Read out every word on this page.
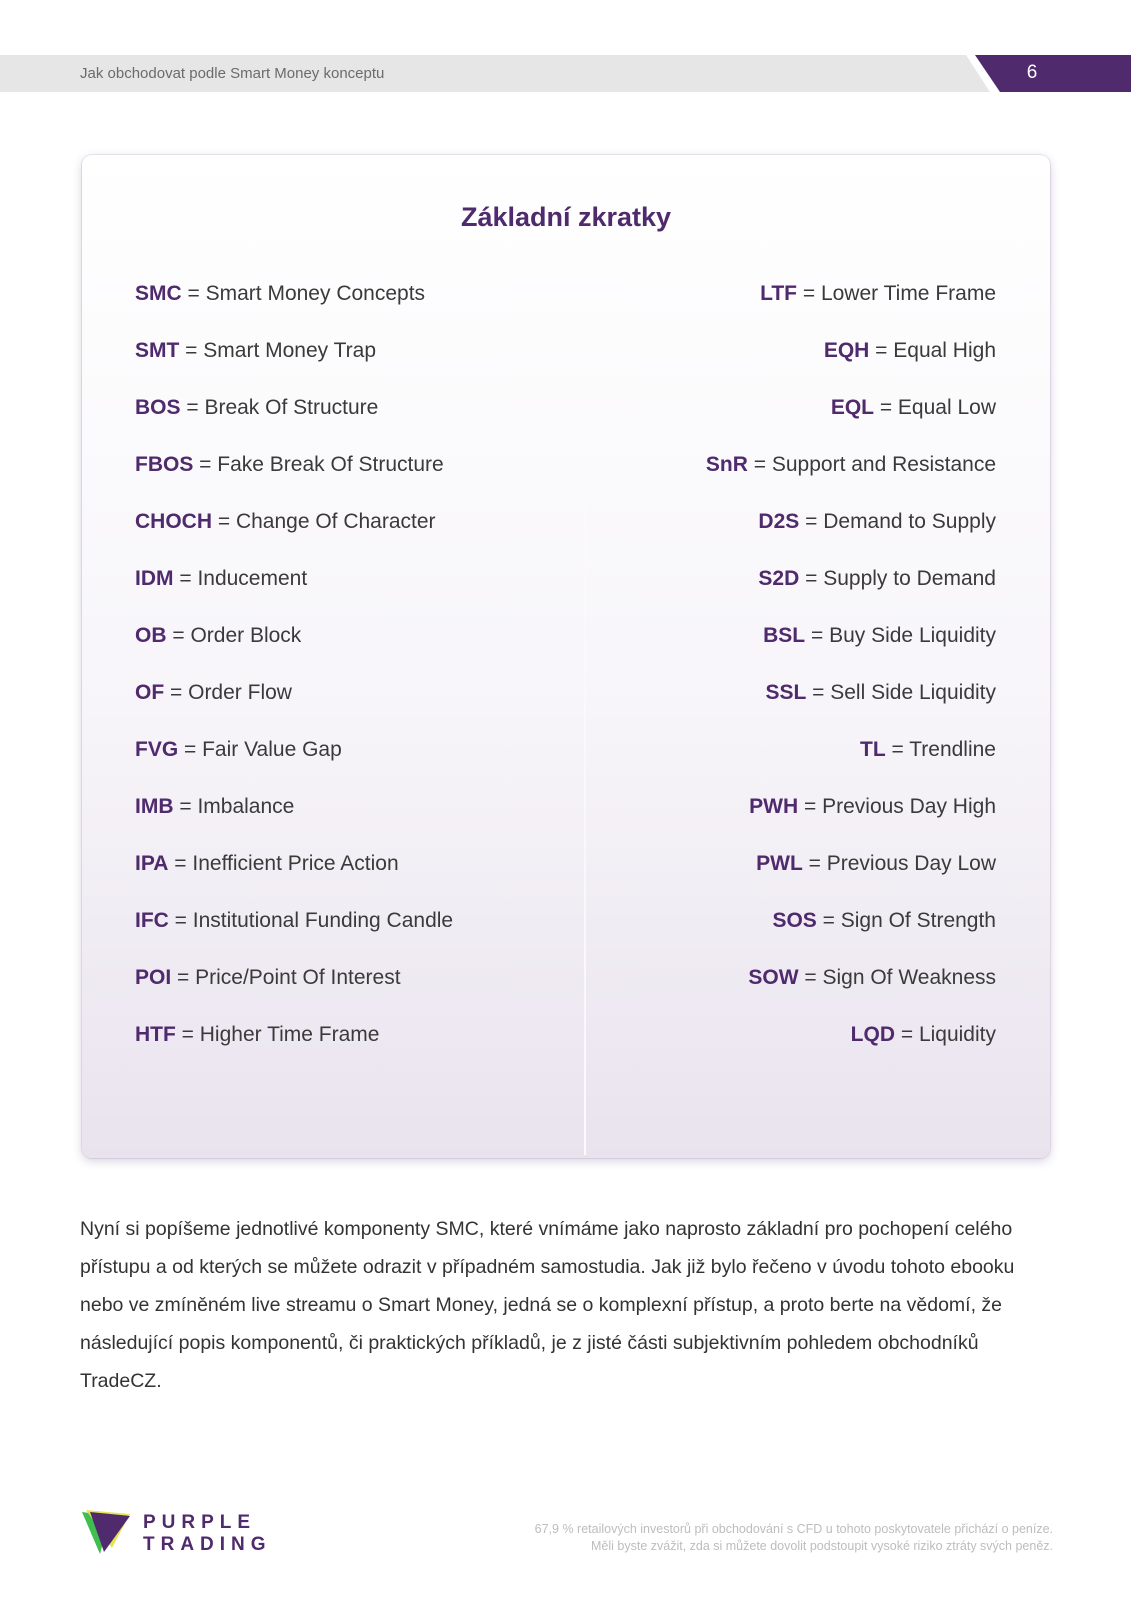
Jak obchodovat podle Smart Money konceptu	6
Základní zkratky
SMC = Smart Money Concepts
SMT = Smart Money Trap
BOS = Break Of Structure
FBOS = Fake Break Of Structure
CHOCH = Change Of Character
IDM = Inducement
OB = Order Block
OF = Order Flow
FVG = Fair Value Gap
IMB = Imbalance
IPA = Inefficient Price Action
IFC = Institutional Funding Candle
POI = Price/Point Of Interest
HTF = Higher Time Frame
LTF = Lower Time Frame
EQH = Equal High
EQL = Equal Low
SnR = Support and Resistance
D2S = Demand to Supply
S2D = Supply to Demand
BSL = Buy Side Liquidity
SSL = Sell Side Liquidity
TL = Trendline
PWH = Previous Day High
PWL = Previous Day Low
SOS = Sign Of Strength
SOW = Sign Of Weakness
LQD = Liquidity

Nyní si popíšeme jednotlivé komponenty SMC, které vnímáme jako naprosto základní pro pochopení celého přístupu a od kterých se můžete odrazit v případném samostudia. Jak již bylo řečeno v úvodu tohoto ebooku nebo ve zmíněném live streamu o Smart Money, jedná se o komplexní přístup, a proto berte na vědomí, že následující popis komponentů, či praktických příkladů, je z jisté části subjektivním pohledem obchodníků TradeCZ.

PURPLE
TRADING
67,9 % retailových investorů při obchodování s CFD u tohoto poskytovatele přichází o peníze.
Měli byste zvážit, zda si můžete dovolit podstoupit vysoké riziko ztráty svých peněz.
